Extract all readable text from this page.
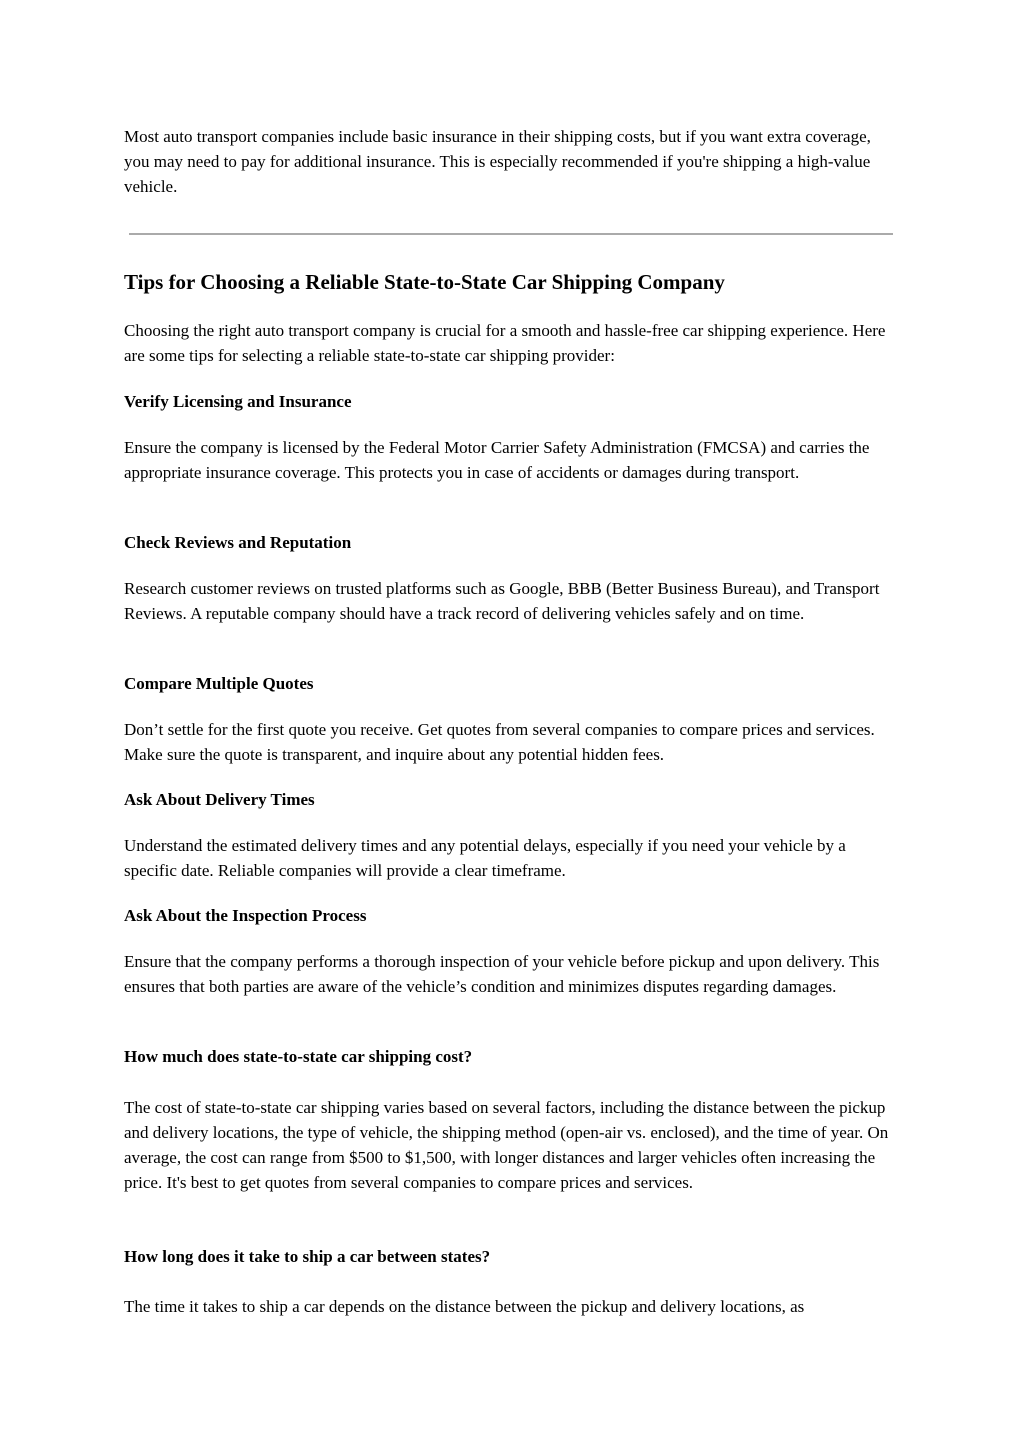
Most auto transport companies include basic insurance in their shipping costs, but if you want extra coverage, you may need to pay for additional insurance. This is especially recommended if you're shipping a high-value vehicle.

Tips for Choosing a Reliable State-to-State Car Shipping Company

Choosing the right auto transport company is crucial for a smooth and hassle-free car shipping experience. Here are some tips for selecting a reliable state-to-state car shipping provider:

Verify Licensing and Insurance

Ensure the company is licensed by the Federal Motor Carrier Safety Administration (FMCSA) and carries the appropriate insurance coverage. This protects you in case of accidents or damages during transport.

Check Reviews and Reputation

Research customer reviews on trusted platforms such as Google, BBB (Better Business Bureau), and Transport Reviews. A reputable company should have a track record of delivering vehicles safely and on time.

Compare Multiple Quotes

Don’t settle for the first quote you receive. Get quotes from several companies to compare prices and services. Make sure the quote is transparent, and inquire about any potential hidden fees.

Ask About Delivery Times

Understand the estimated delivery times and any potential delays, especially if you need your vehicle by a specific date. Reliable companies will provide a clear timeframe.

Ask About the Inspection Process

Ensure that the company performs a thorough inspection of your vehicle before pickup and upon delivery. This ensures that both parties are aware of the vehicle’s condition and minimizes disputes regarding damages.

How much does state-to-state car shipping cost?

The cost of state-to-state car shipping varies based on several factors, including the distance between the pickup and delivery locations, the type of vehicle, the shipping method (open-air vs. enclosed), and the time of year. On average, the cost can range from $500 to $1,500, with longer distances and larger vehicles often increasing the price. It's best to get quotes from several companies to compare prices and services.

How long does it take to ship a car between states?

The time it takes to ship a car depends on the distance between the pickup and delivery locations, as
